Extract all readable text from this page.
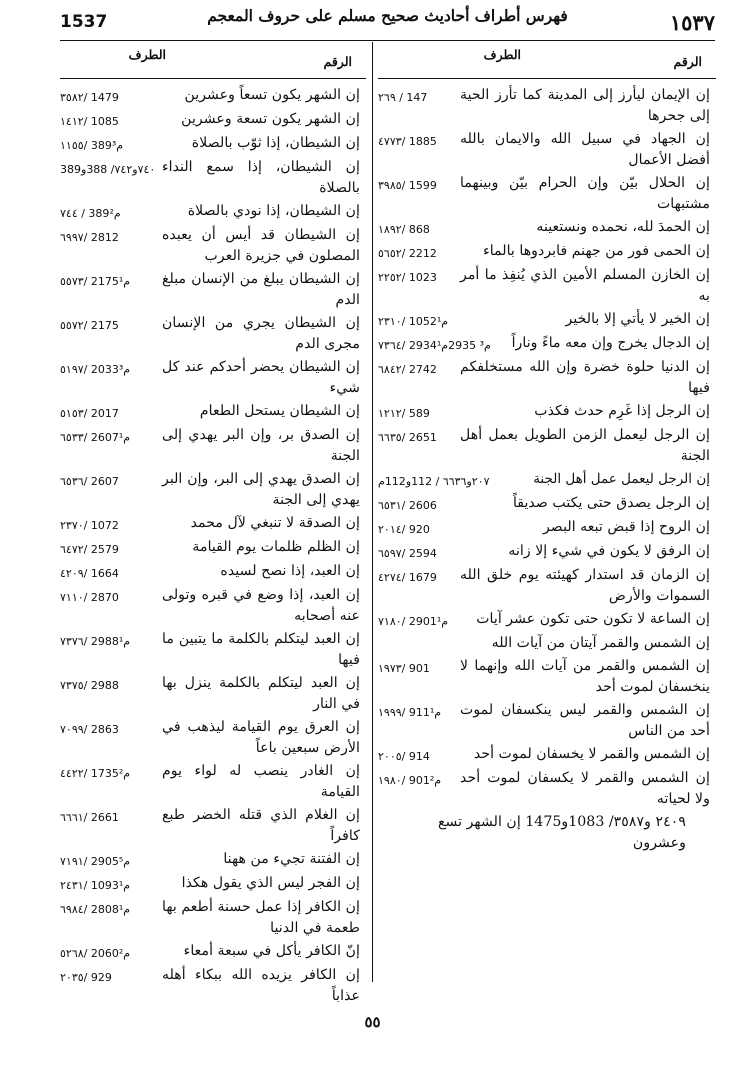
١٥٣٧
فهرس أطراف أحاديث صحيح مسلم على حروف المعجم
1537
الرقم
الطرف
إن الإيمان ليأرز إلى المدينة كما تأرز الحية إلى جحرها
٢٦٩ / 147
إن الجهاد في سبيل الله والايمان بالله أفضل الأعمال
٤٧٧٣/ 1885
إن الحلال بيّن وإن الحرام بيّن وبينهما مشتبهات
٣٩٨٥/ 1599
إن الحمدَ لله، نحمده ونستعينه
١٨٩٢/ 868
إن الحمى فور من جهنم فابردوها بالماء
٥٦٥٢/ 2212
إن الخازن المسلم الأمين الذي يُنفِذ ما أمر به
٢٢٥٢/ 1023
إن الخير لا يأتي إلا بالخير
٢٣١٠/ 1052م¹
إن الدجال يخرج وإن معه ماءً وناراً
٧٣٦٤/ 2934م³ 2935م¹
إن الدنيا حلوة خضرة وإن الله مستخلفكم فيها
٦٨٤٢/ 2742
إن الرجل إذا غَرِم حدث فكذب
١٢١٢/ 589
إن الرجل ليعمل الزمن الطويل بعمل أهل الجنة
٦٦٣٥/ 2651
إن الرجل ليعمل عمل أهل الجنة
٢٠٧و٦٦٣٦ / 112و112م
إن الرجل يصدق حتى يكتب صديقاً
٦٥٣١/ 2606
إن الروح إذا قبض تبعه البصر
٢٠١٤/ 920
إن الرفق لا يكون في شيء إلا زانه
٦٥٩٧/ 2594
إن الزمان قد استدار كهيئته يوم خلق الله السموات والأرض
٤٢٧٤/ 1679
إن الساعة لا تكون حتى تكون عشر آيات
٧١٨٠/ 2901م¹
إن الشمس والقمر آيتان من آيات الله
إن الشمس والقمر من آيات الله وإنهما لا ينخسفان لموت أحد
١٩٧٣/ 901
إن الشمس والقمر ليس ينكسفان لموت أحد من الناس
١٩٩٩/ 911م¹
إن الشمس والقمر لا يخسفان لموت أحد
٢٠٠٥/ 914
إن الشمس والقمر لا يكسفان لموت أحد ولا لحياته
١٩٨٠/ 901م²
٢٤٠٩ و٣٥٨٧/ 1083و1475 إن الشهر تسع وعشرون
الرقم
الطرف
إن الشهر يكون تسعاً وعشرين
٣٥٨٢/ 1479
إن الشهر يكون تسعة وعشرين
١٤١٢/ 1085
إن الشيطان، إذا ثوّب بالصلاة
١١٥٥/ 389م³
إن الشيطان، إذا سمع النداء بالصلاة
٧٤٠و٧٤٢/ 388و389
إن الشيطان، إذا نودي بالصلاة
٧٤٤ / 389م²
إن الشيطان قد أيس أن يعبده المصلون في جزيرة العرب
٦٩٩٧/ 2812
إن الشيطان يبلغ من الإنسان مبلغ الدم
٥٥٧٣/ 2175م¹
إن الشيطان يجري من الإنسان مجرى الدم
٥٥٧٢/ 2175
إن الشيطان يحضر أحدكم عند كل شيء
٥١٩٧/ 2033م³
إن الشيطان يستحل الطعام
٥١٥٣/ 2017
إن الصدق بر، وإن البر يهدي إلى الجنة
٦٥٣٣/ 2607م¹
إن الصدق يهدي إلى البر، وإن البر يهدي إلى الجنة
٦٥٣٦/ 2607
إن الصدقة لا تنبغي لآل محمد
٢٣٧٠/ 1072
إن الظلم ظلمات يوم القيامة
٦٤٧٢/ 2579
إن العبد، إذا نصح لسيده
٤٢٠٩/ 1664
إن العبد، إذا وضع في قبره وتولى عنه أصحابه
٧١١٠/ 2870
إن العبد ليتكلم بالكلمة ما يتبين ما فيها
٧٣٧٦/ 2988م¹
إن العبد ليتكلم بالكلمة ينزل بها في النار
٧٣٧٥/ 2988
إن العرق يوم القيامة ليذهب في الأرض سبعين باعاً
٧٠٩٩/ 2863
إن الغادر ينصب له لواء يوم القيامة
٤٤٢٢/ 1735م²
إن الغلام الذي قتله الخضر طبع كافراً
٦٦٦١/ 2661
إن الفتنة تجيء من ههنا
٧١٩١/ 2905م⁵
إن الفجر ليس الذي يقول هكذا
٢٤٣١/ 1093م¹
إن الكافر إذا عمل حسنة أطعم بها طعمة في الدنيا
٦٩٨٤/ 2808م¹
إنّ الكافر يأكل في سبعة أمعاء
٥٢٦٨/ 2060م²
إن الكافر يزيده الله ببكاء أهله عذاباً
٢٠٣٥/ 929
٥٥
